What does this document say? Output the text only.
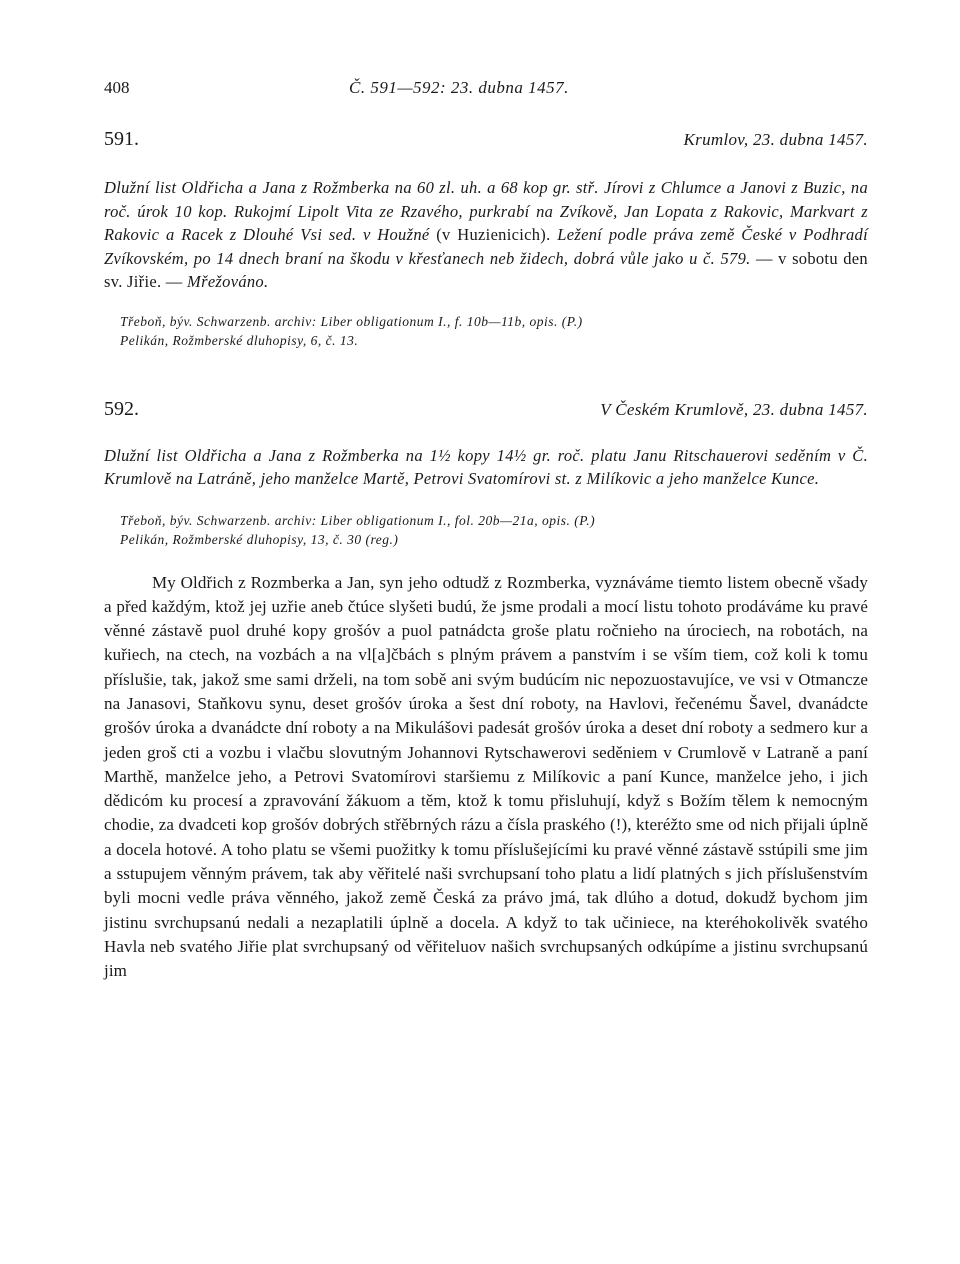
408	Č. 591—592: 23. dubna 1457.
591.	Krumlov, 23. dubna 1457.

Dlužní list Oldřicha a Jana z Rožmberka na 60 zl. uh. a 68 kop gr. stř. Jírovi z Chlumce a Janovi z Buzic, na roč. úrok 10 kop. Rukojmí Lipolt Vita ze Rzavého, purkrabí na Zvíkově, Jan Lopata z Rakovic, Markvart z Rakovic a Racek z Dlouhé Vsi sed. v Houžné (v Huzienicich). Ležení podle práva země České v Podhradí Zvíkovském, po 14 dnech braní na škodu v křesťanech neb židech, dobrá vůle jako u č. 579. — v sobotu den sv. Jiřie. — Mřežováno.

Třeboň, býv. Schwarzenb. archiv: Liber obligationum I., f. 10b—11b, opis. (P.)
Pelikán, Rožmberské dluhopisy, 6, č. 13.

592.	V Českém Krumlově, 23. dubna 1457.

Dlužní list Oldřicha a Jana z Rožmberka na 1½ kopy 14½ gr. roč. platu Janu Ritschauerovi seděním v Č. Krumlově na Latráně, jeho manželce Martě, Petrovi Svatomírovi st. z Milíkovic a jeho manželce Kunce.

Třeboň, býv. Schwarzenb. archiv: Liber obligationum I., fol. 20b—21a, opis. (P.)
Pelikán, Rožmberské dluhopisy, 13, č. 30 (reg.)

My Oldřich z Rozmberka a Jan, syn jeho odtudž z Rozmberka, vyznáváme tiemto listem obecně všady a před každým, ktož jej uzřie aneb čtúce slyšeti budú, že jsme prodali a mocí listu tohoto prodáváme ku pravé věnné zástavě puol druhé kopy grošóv a puol patnádcta groše platu ročnieho na úrociech, na robotách, na kuřiech, na ctech, na vozbách a na vl[a]čbách s plným právem a panstvím i se vším tiem, což koli k tomu příslušie, tak, jakož sme sami drželi, na tom sobě ani svým budúcím nic nepozuostavujíce, ve vsi v Otmancze na Janasovi, Staňkovu synu, deset grošóv úroka a šest dní roboty, na Havlovi, řečenému Šavel, dvanádcte grošóv úroka a dvanádcte dní roboty a na Mikulášovi padesát grošóv úroka a deset dní roboty a sedmero kur a jeden groš cti a vozbu i vlačbu slovutným Johannovi Rytschawerovi seděniem v Crumlově v Latraně a paní Marthě, manželce jeho, a Petrovi Svatomírovi staršiemu z Milíkovic a paní Kunce, manželce jeho, i jich dědicóm ku procesí a zpravování žákuom a těm, ktož k tomu přisluhují, když s Božím tělem k nemocným chodie, za dvadceti kop grošóv dobrých střěbrných rázu a čísla praského (!), kteréžto sme od nich přijali úplně a docela hotové. A toho platu se všemi puožitky k tomu příslušejícími ku pravé věnné zástavě sstúpili sme jim a sstupujem věnným právem, tak aby věřitelé naši svrchupsaní toho platu a lidí platných s jich příslušenstvím byli mocni vedle práva věnného, jakož země Česká za právo jmá, tak dlúho a dotud, dokudž bychom jim jistinu svrchupsanú nedali a nezaplatili úplně a docela. A když to tak učiniece, na kteréhokolivěk svatého Havla neb svatého Jiřie plat svrchupsaný od věřiteluov našich svrchupsaných odkúpíme a jistinu svrchupsanú jim
